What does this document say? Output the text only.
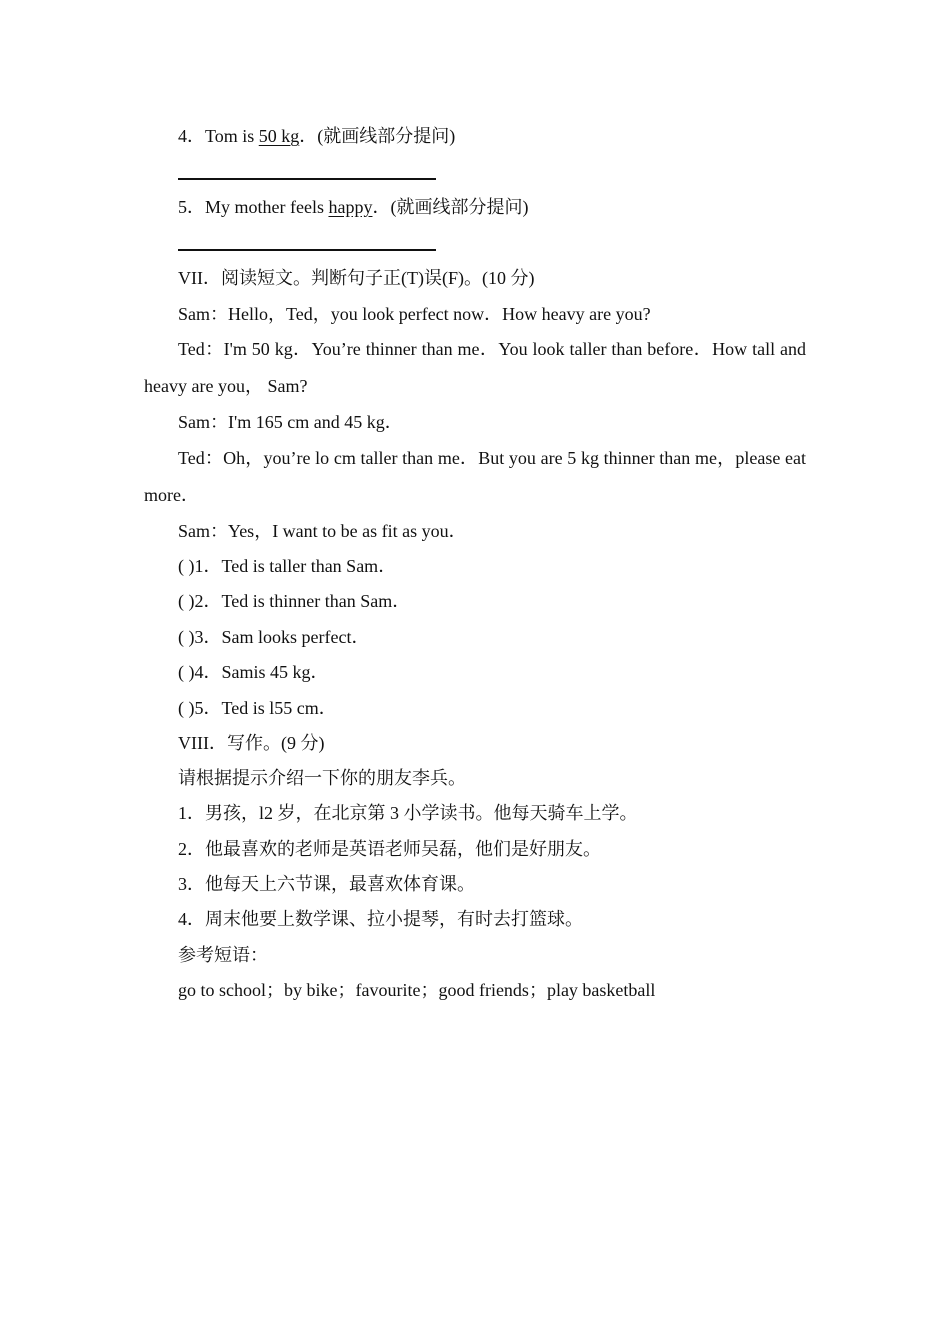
4．Tom is 50 kg．(就画线部分提问)
5．My mother feels happy．(就画线部分提问)
VII．阅读短文。判断句子正(T)误(F)。(10 分)
Sam：Hello，Ted，you look perfect now．How heavy are you?
Ted：I'm 50 kg．You’re thinner than me．You look taller than before．How tall and heavy are you， Sam?
Sam：I'm 165 cm and 45 kg．
Ted：Oh，you’re lo cm taller than me．But you are 5 kg thinner than me，please eat more．
Sam：Yes，I want to be as fit as you．
( )1．Ted is taller than Sam．
( )2．Ted is thinner than Sam．
( )3．Sam looks perfect．
( )4．Samis 45 kg．
( )5．Ted is l55 cm．
VIII．写作。(9 分)
请根据提示介绍一下你的朋友李兵。
1．男孩，l2 岁，在北京第 3 小学读书。他每天骑车上学。
2．他最喜欢的老师是英语老师吴磊，他们是好朋友。
3．他每天上六节课，最喜欢体育课。
4．周末他要上数学课、拉小提琴，有时去打篮球。
参考短语：
go to school；by bike；favourite；good friends；play basketball
